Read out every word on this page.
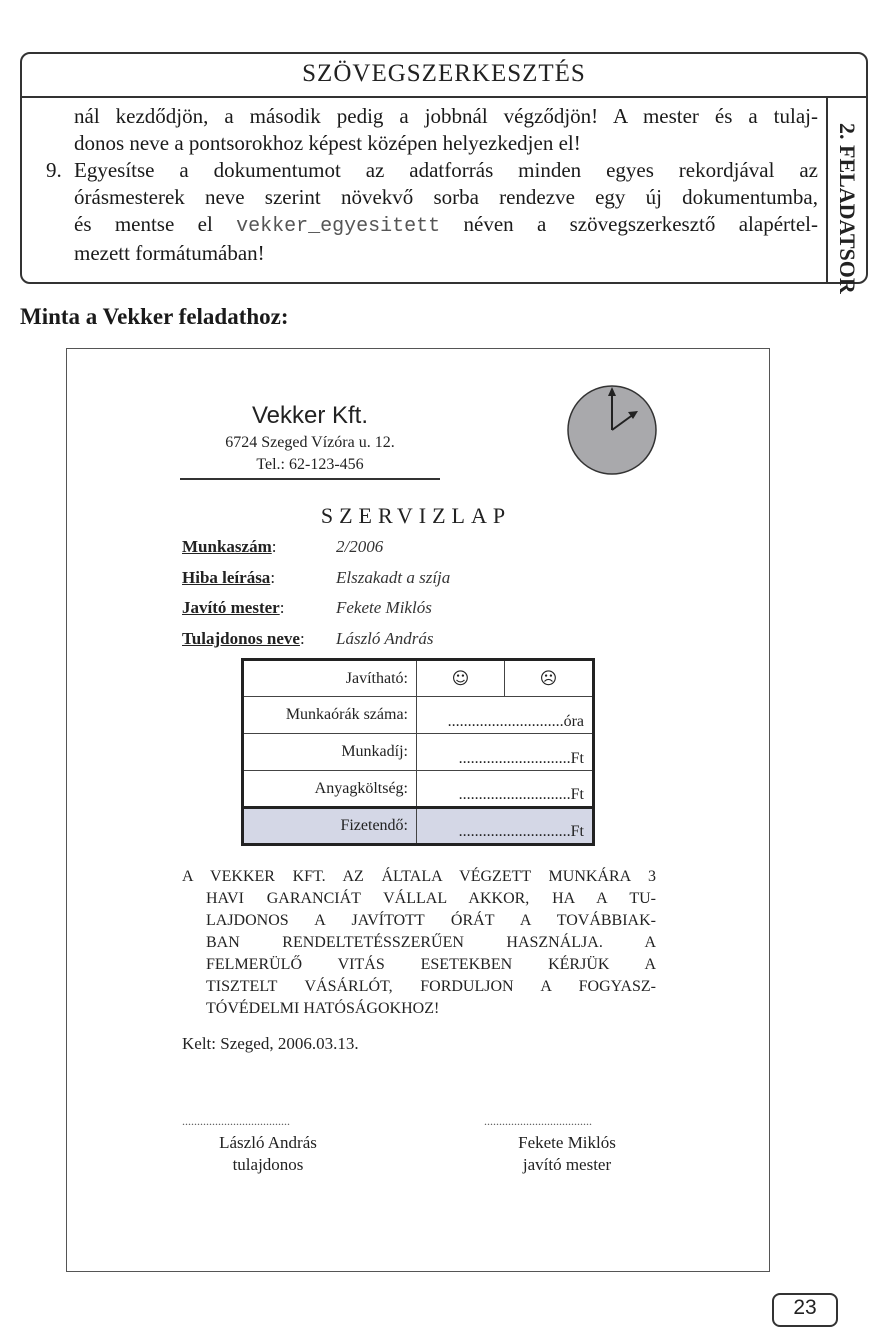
SZÖVEGSZERKESZTÉS
2. FELADATSOR
nál kezdődjön, a második pedig a jobbnál végződjön! A mester és a tulaj-
donos neve a pontsorokhoz képest középen helyezkedjen el!
9. Egyesítse a dokumentumot az adatforrás minden egyes rekordjával az
órásmesterek neve szerint növekvő sorba rendezve egy új dokumentumba,
és mentse el vekker_egyesitett néven a szövegszerkesztő alapértel-
mezett formátumában!
Minta a Vekker feladathoz:
Vekker Kft.
6724 Szeged Vízóra u. 12.
Tel.: 62-123-456
SZERVIZLAP
Munkaszám:	2/2006
Hiba leírása:	Elszakadt a szíja
Javító mester:	Fekete Miklós
Tulajdonos neve: László András
Javítható:	☺	☹
Munkaórák száma:	.............................óra	
Munkadíj:	............................Ft	
Anyagköltség:	............................Ft	
Fizetendő:	............................Ft	
A VEKKER KFT. AZ ÁLTALA VÉGZETT MUNKÁRA 3
HAVI GARANCIÁT VÁLLAL AKKOR, HA A TU-
LAJDONOS A JAVÍTOTT ÓRÁT A TOVÁBBIAK-
BAN RENDELTETÉSSZERŰEN HASZNÁLJA. A
FELMERÜLŐ VITÁS ESETEKBEN KÉRJÜK A
TISZTELT VÁSÁRLÓT, FORDULJON A FOGYASZ-
TÓVÉDELMI HATÓSÁGOKHOZ!
Kelt: Szeged, 2006.03.13.
....................................
László András
tulajdonos
....................................
Fekete Miklós
javító mester
23
